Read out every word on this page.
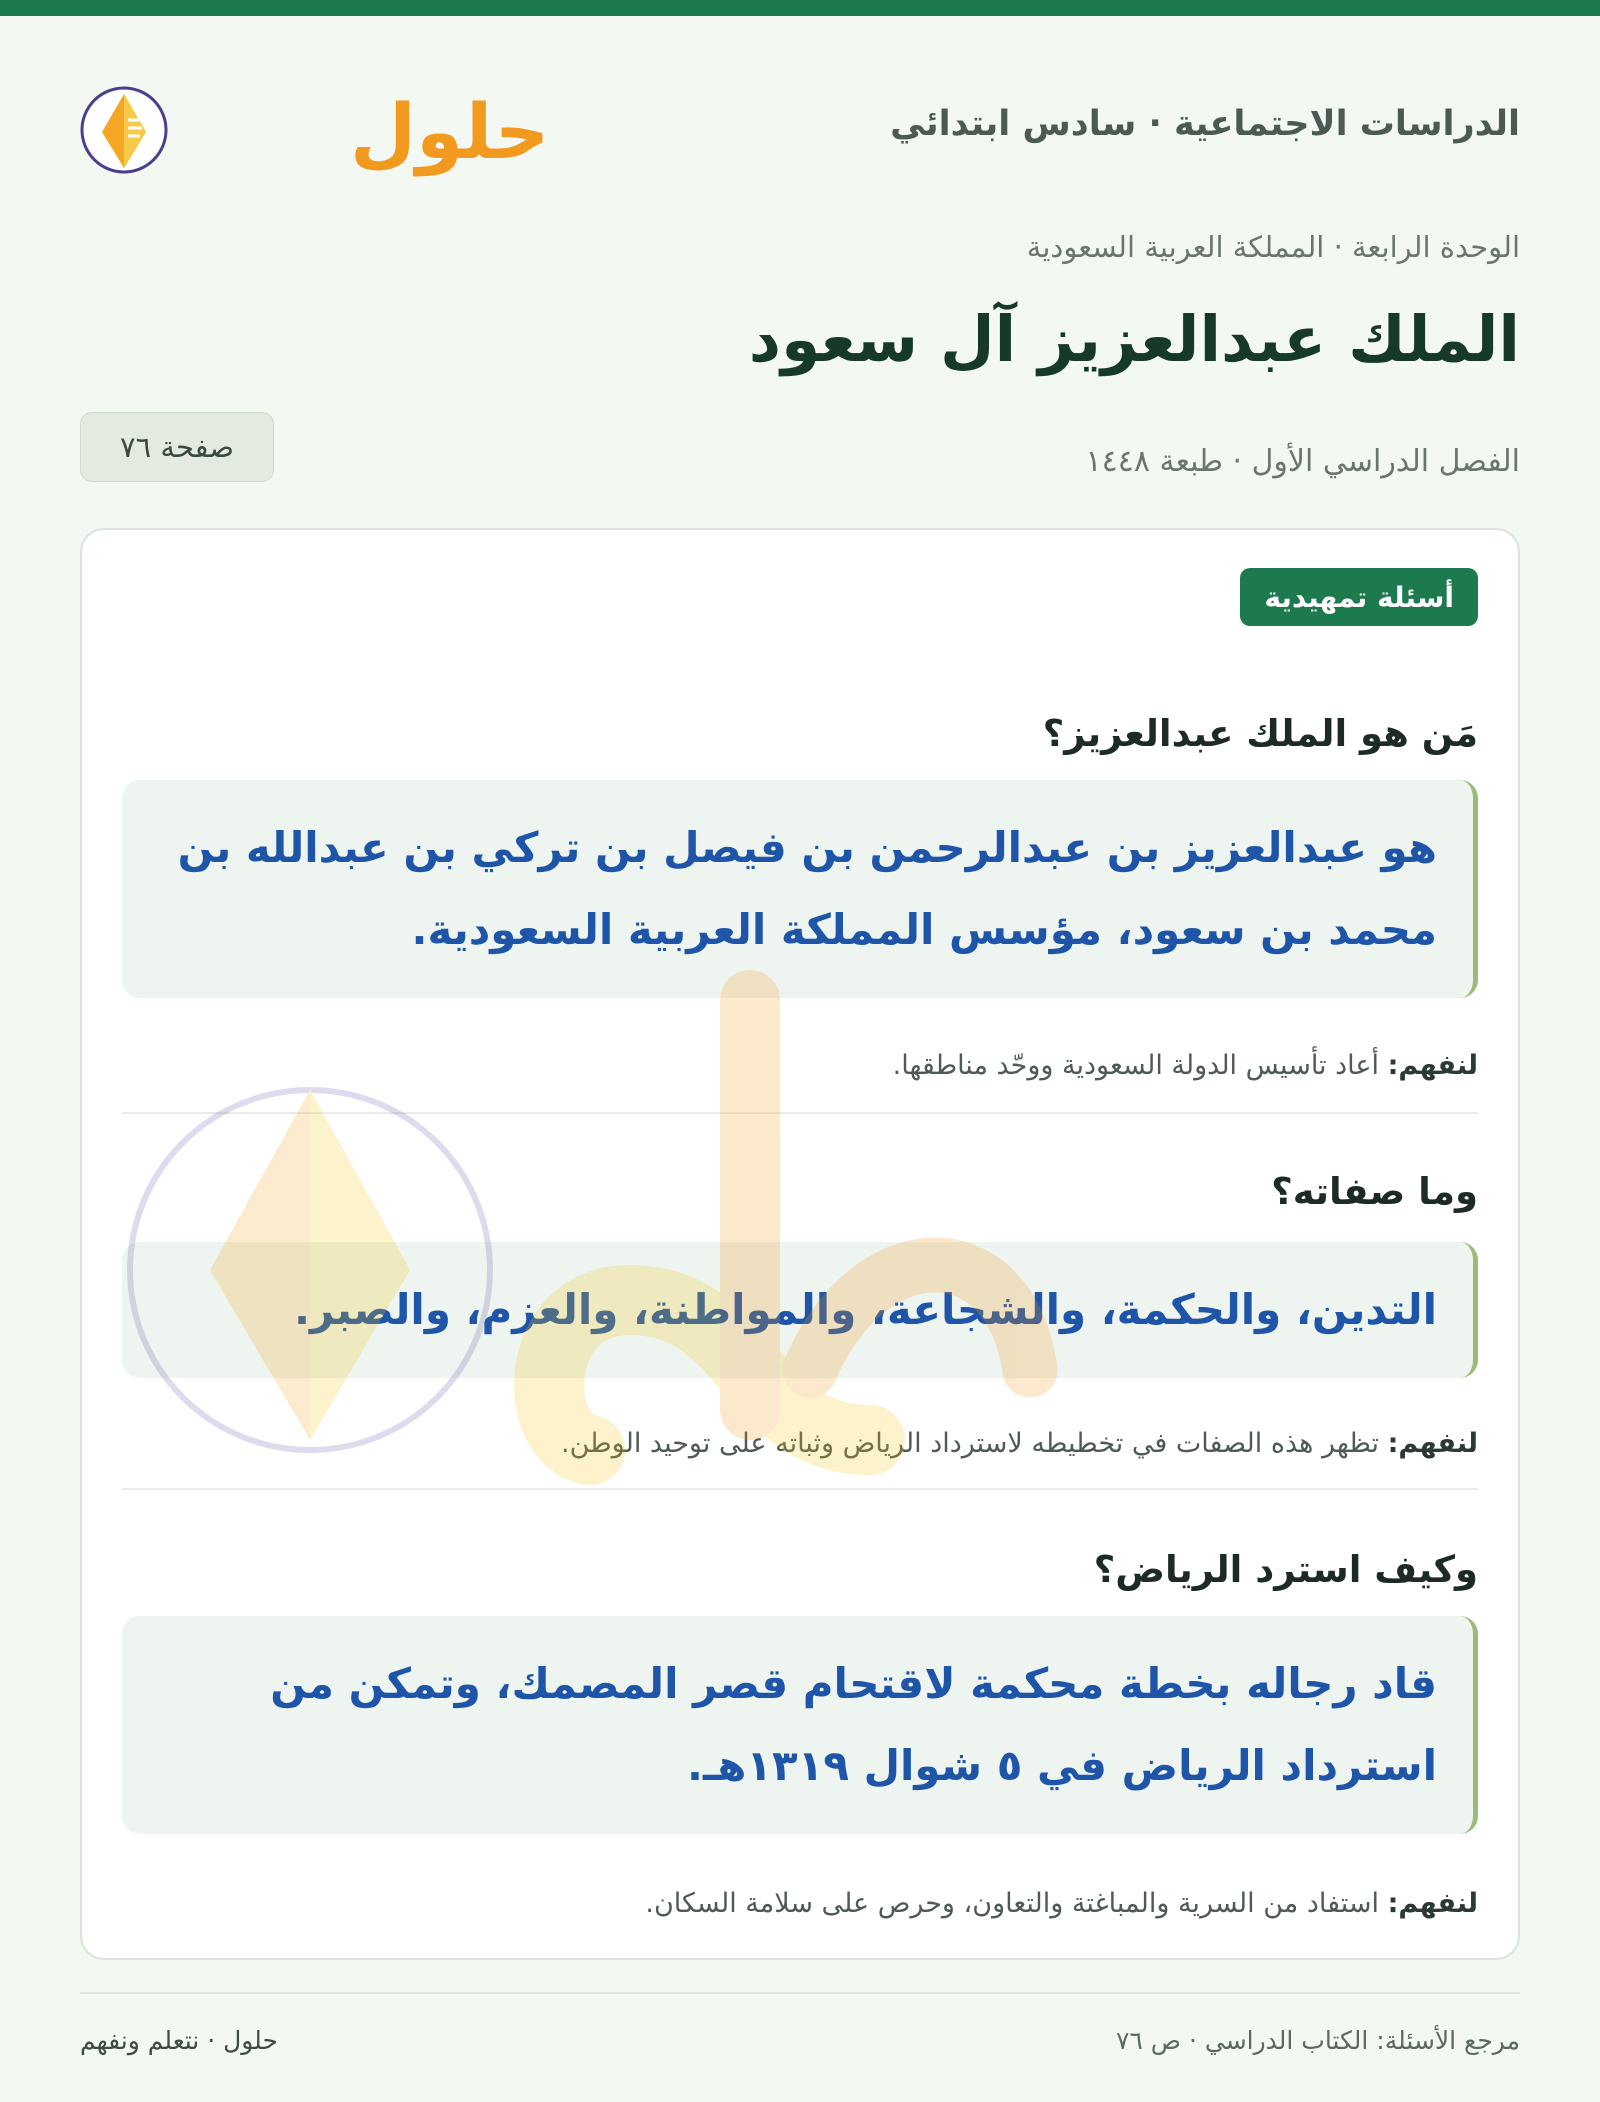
الدراسات الاجتماعية · سادس ابتدائي
حلول
الوحدة الرابعة · المملكة العربية السعودية
الملك عبدالعزيز آل سعود
الفصل الدراسي الأول · طبعة ١٤٤٨
صفحة ٧٦
أسئلة تمهيدية
مَن هو الملك عبدالعزيز؟
هو عبدالعزيز بن عبدالرحمن بن فيصل بن تركي بن عبدالله بن
محمد بن سعود، مؤسس المملكة العربية السعودية.
لنفهم: أعاد تأسيس الدولة السعودية ووحّد مناطقها.
وما صفاته؟
التدين، والحكمة، والشجاعة، والمواطنة، والعزم، والصبر.
لنفهم: تظهر هذه الصفات في تخطيطه لاسترداد الرياض وثباته على توحيد الوطن.
وكيف استرد الرياض؟
قاد رجاله بخطة محكمة لاقتحام قصر المصمك، وتمكن من
استرداد الرياض في ٥ شوال ١٣١٩هـ.
لنفهم: استفاد من السرية والمباغتة والتعاون، وحرص على سلامة السكان.
مرجع الأسئلة: الكتاب الدراسي · ص ٧٦
حلول · نتعلم ونفهم
